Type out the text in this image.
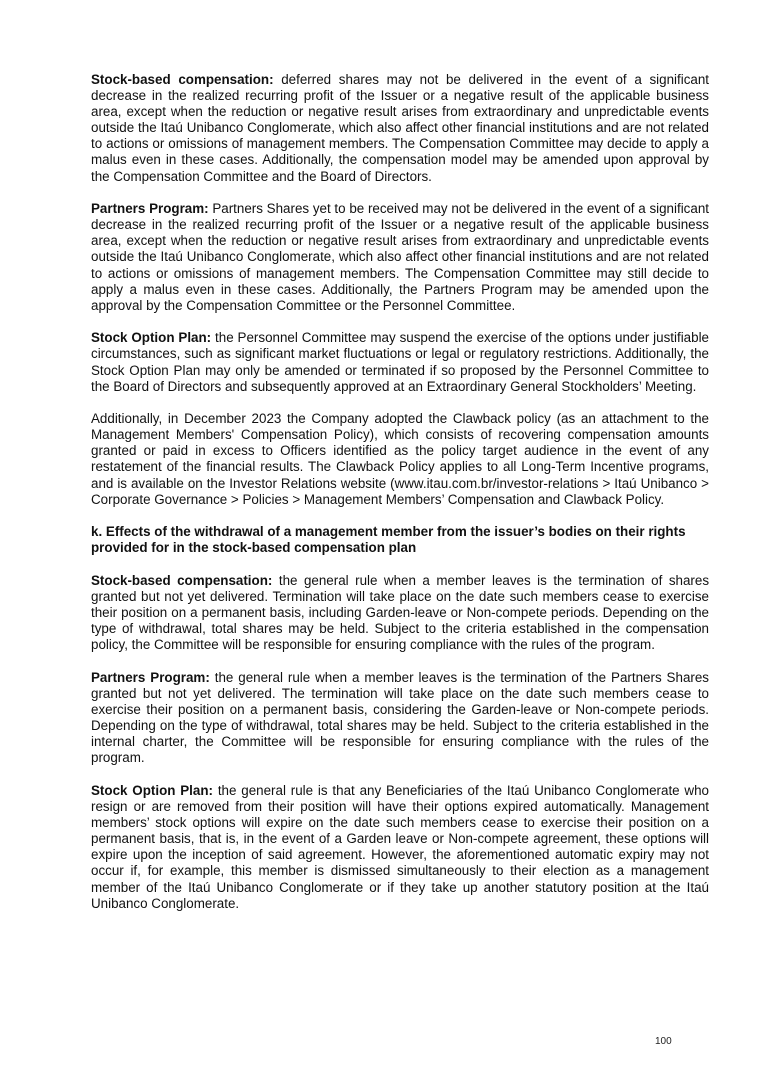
Stock-based compensation: deferred shares may not be delivered in the event of a significant decrease in the realized recurring profit of the Issuer or a negative result of the applicable business area, except when the reduction or negative result arises from extraordinary and unpredictable events outside the Itaú Unibanco Conglomerate, which also affect other financial institutions and are not related to actions or omissions of management members. The Compensation Committee may decide to apply a malus even in these cases. Additionally, the compensation model may be amended upon approval by the Compensation Committee and the Board of Directors.

Partners Program: Partners Shares yet to be received may not be delivered in the event of a significant decrease in the realized recurring profit of the Issuer or a negative result of the applicable business area, except when the reduction or negative result arises from extraordinary and unpredictable events outside the Itaú Unibanco Conglomerate, which also affect other financial institutions and are not related to actions or omissions of management members. The Compensation Committee may still decide to apply a malus even in these cases. Additionally, the Partners Program may be amended upon the approval by the Compensation Committee or the Personnel Committee.

Stock Option Plan: the Personnel Committee may suspend the exercise of the options under justifiable circumstances, such as significant market fluctuations or legal or regulatory restrictions. Additionally, the Stock Option Plan may only be amended or terminated if so proposed by the Personnel Committee to the Board of Directors and subsequently approved at an Extraordinary General Stockholders’ Meeting.

Additionally, in December 2023 the Company adopted the Clawback policy (as an attachment to the Management Members' Compensation Policy), which consists of recovering compensation amounts granted or paid in excess to Officers identified as the policy target audience in the event of any restatement of the financial results. The Clawback Policy applies to all Long-Term Incentive programs, and is available on the Investor Relations website (www.itau.com.br/investor-relations > Itaú Unibanco > Corporate Governance > Policies > Management Members’ Compensation and Clawback Policy.

k. Effects of the withdrawal of a management member from the issuer’s bodies on their rights provided for in the stock-based compensation plan

Stock-based compensation: the general rule when a member leaves is the termination of shares granted but not yet delivered. Termination will take place on the date such members cease to exercise their position on a permanent basis, including Garden-leave or Non-compete periods. Depending on the type of withdrawal, total shares may be held. Subject to the criteria established in the compensation policy, the Committee will be responsible for ensuring compliance with the rules of the program.

Partners Program: the general rule when a member leaves is the termination of the Partners Shares granted but not yet delivered. The termination will take place on the date such members cease to exercise their position on a permanent basis, considering the Garden-leave or Non-compete periods. Depending on the type of withdrawal, total shares may be held. Subject to the criteria established in the internal charter, the Committee will be responsible for ensuring compliance with the rules of the program.

Stock Option Plan: the general rule is that any Beneficiaries of the Itaú Unibanco Conglomerate who resign or are removed from their position will have their options expired automatically. Management members’ stock options will expire on the date such members cease to exercise their position on a permanent basis, that is, in the event of a Garden leave or Non-compete agreement, these options will expire upon the inception of said agreement. However, the aforementioned automatic expiry may not occur if, for example, this member is dismissed simultaneously to their election as a management member of the Itaú Unibanco Conglomerate or if they take up another statutory position at the Itaú Unibanco Conglomerate.

100
